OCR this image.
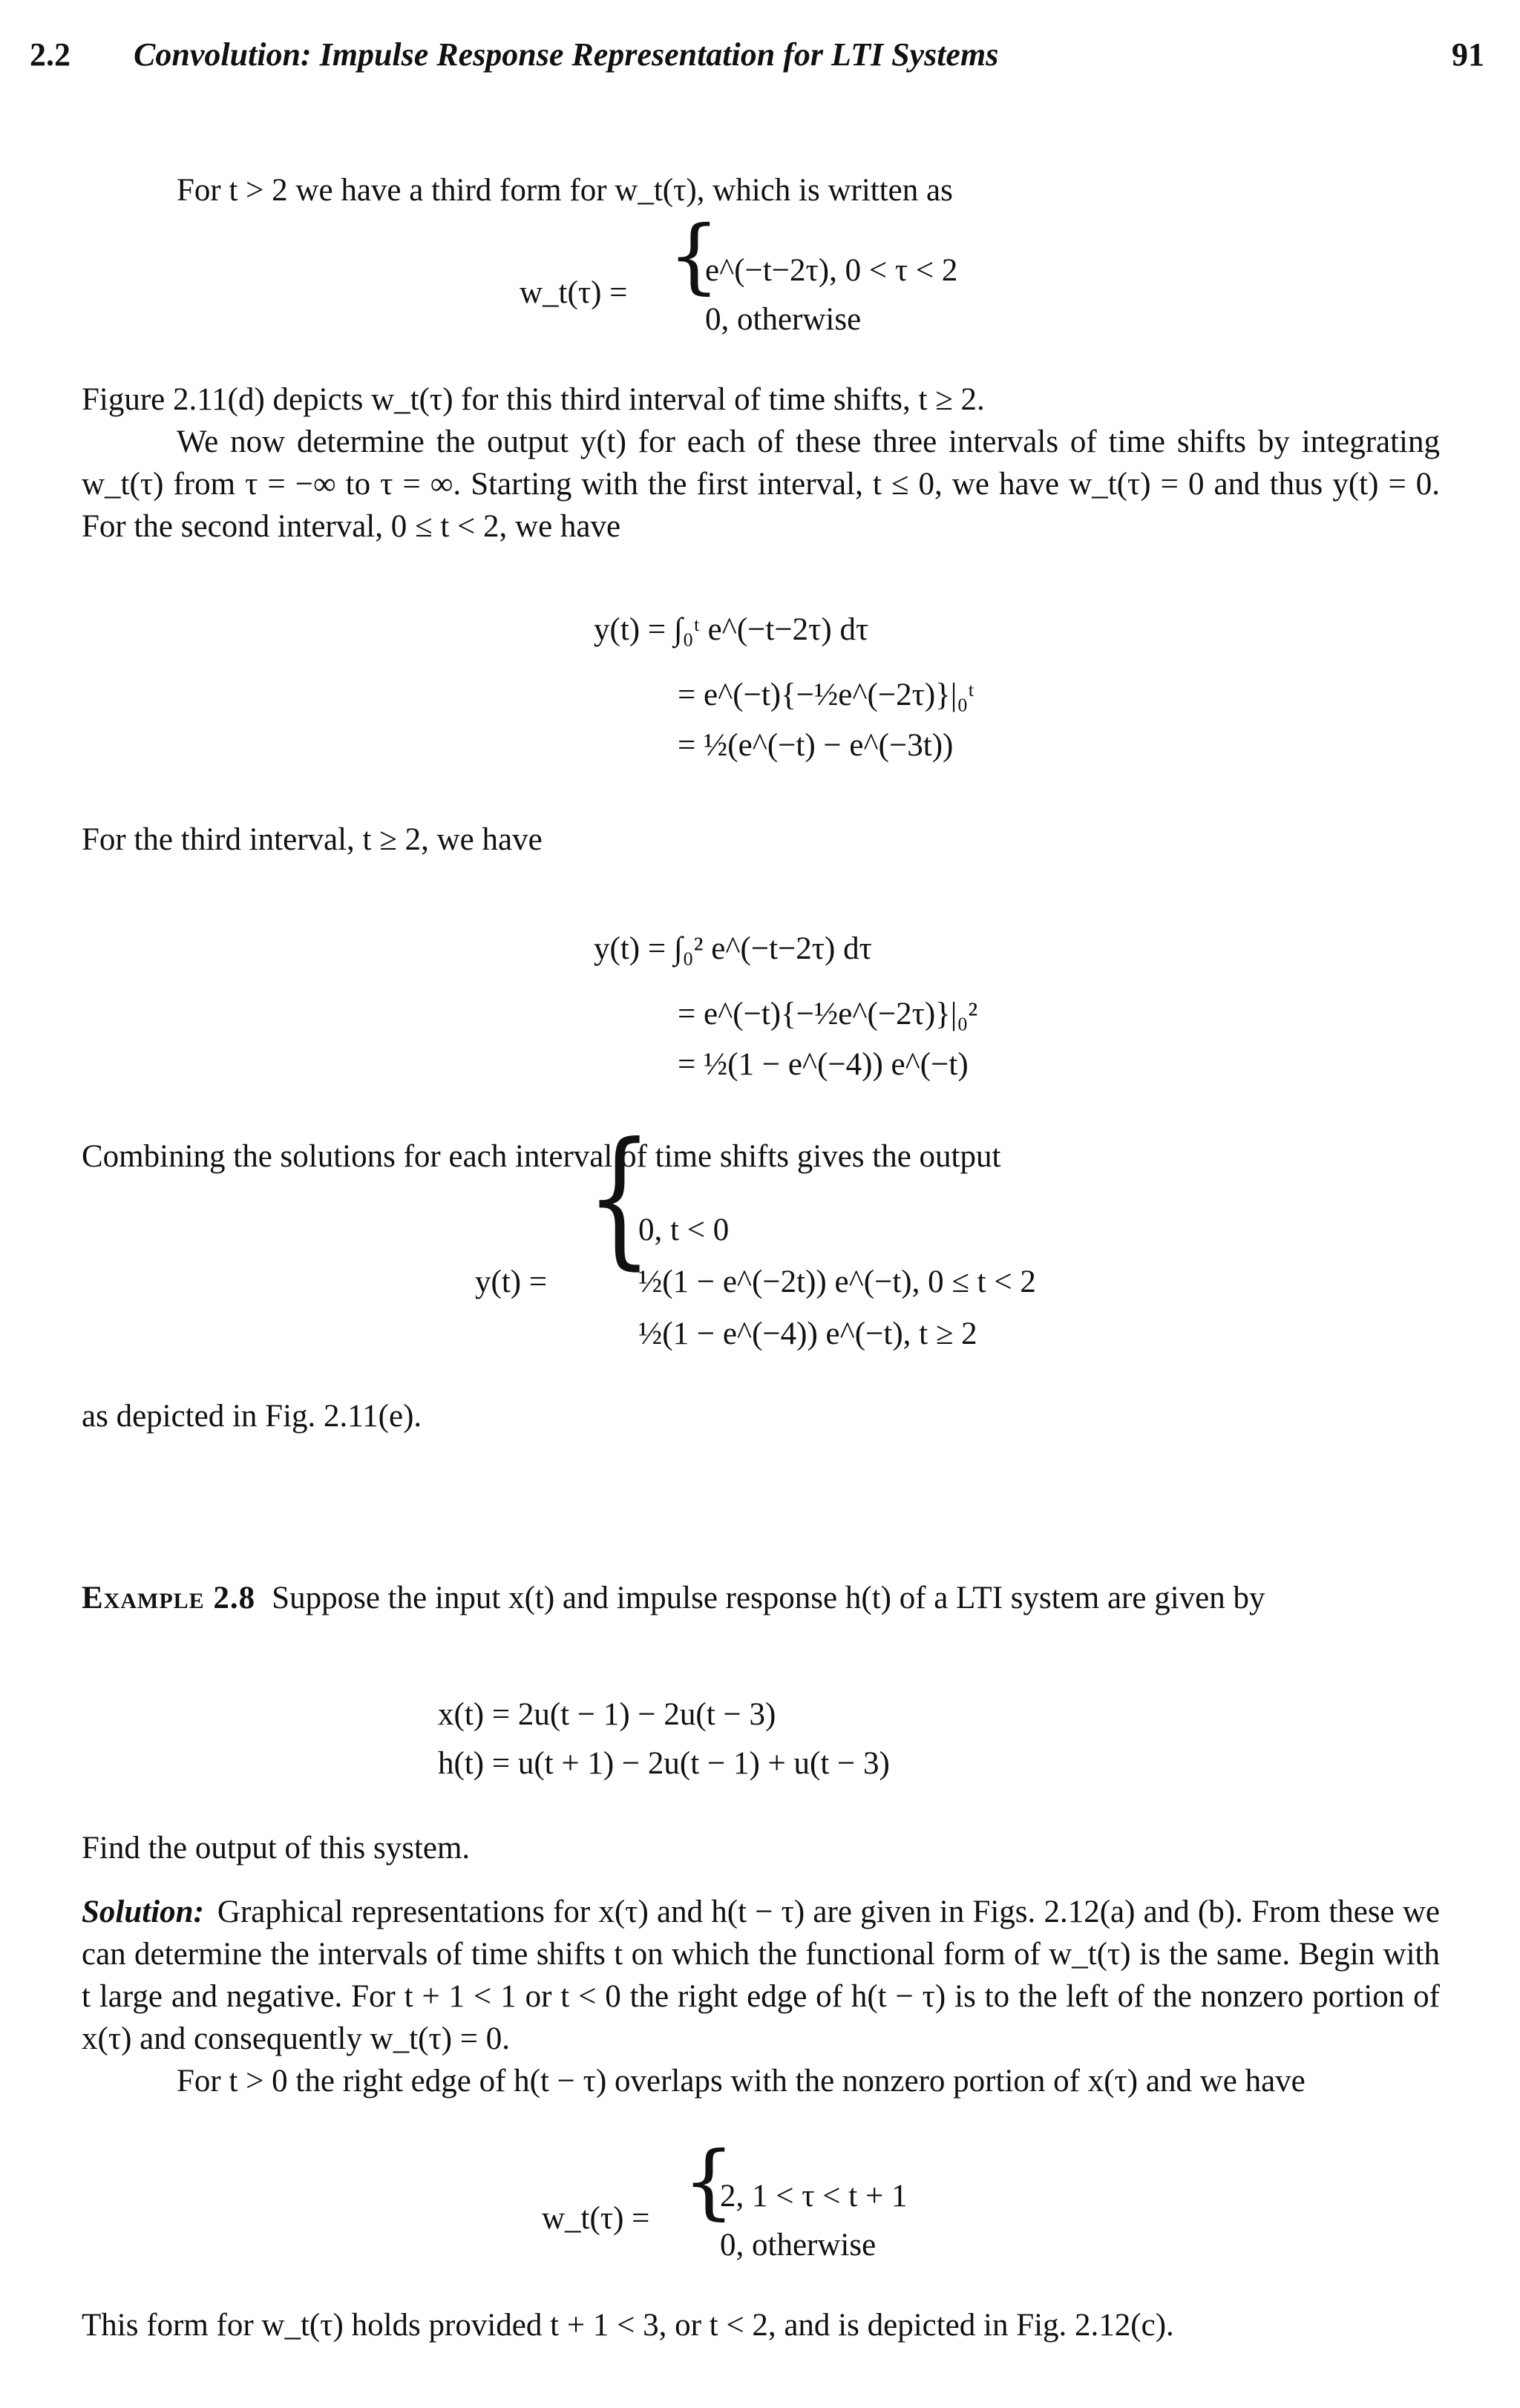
2.2 Convolution: Impulse Response Representation for LTI Systems	91
For t > 2 we have a third form for w_t(τ), which is written as
w_t(τ) = {
e^(−t−2τ), 0 < τ < 2
0, otherwise
Figure 2.11(d) depicts w_t(τ) for this third interval of time shifts, t ≥ 2.
We now determine the output y(t) for each of these three intervals of time shifts by integrating w_t(τ) from τ = −∞ to τ = ∞. Starting with the first interval, t ≤ 0, we have w_t(τ) = 0 and thus y(t) = 0. For the second interval, 0 ≤ t < 2, we have
y(t) = ∫₀ᵗ e^(−t−2τ) dτ
= e^(−t){−½e^(−2τ)}|₀ᵗ
= ½(e^(−t) − e^(−3t))
For the third interval, t ≥ 2, we have
y(t) = ∫₀² e^(−t−2τ) dτ
= e^(−t){−½e^(−2τ)}|₀²
= ½(1 − e^(−4)) e^(−t)
Combining the solutions for each interval of time shifts gives the output
y(t) = {
0, t < 0
½(1 − e^(−2t)) e^(−t), 0 ≤ t < 2
½(1 − e^(−4)) e^(−t), t ≥ 2
as depicted in Fig. 2.11(e).
Example 2.8 Suppose the input x(t) and impulse response h(t) of a LTI system are given by
x(t) = 2u(t − 1) − 2u(t − 3)
h(t) = u(t + 1) − 2u(t − 1) + u(t − 3)
Find the output of this system.
Solution: Graphical representations for x(τ) and h(t − τ) are given in Figs. 2.12(a) and (b). From these we can determine the intervals of time shifts t on which the functional form of w_t(τ) is the same. Begin with t large and negative. For t + 1 < 1 or t < 0 the right edge of h(t − τ) is to the left of the nonzero portion of x(τ) and consequently w_t(τ) = 0.
For t > 0 the right edge of h(t − τ) overlaps with the nonzero portion of x(τ) and we have
w_t(τ) = {
2, 1 < τ < t + 1
0, otherwise
This form for w_t(τ) holds provided t + 1 < 3, or t < 2, and is depicted in Fig. 2.12(c).
